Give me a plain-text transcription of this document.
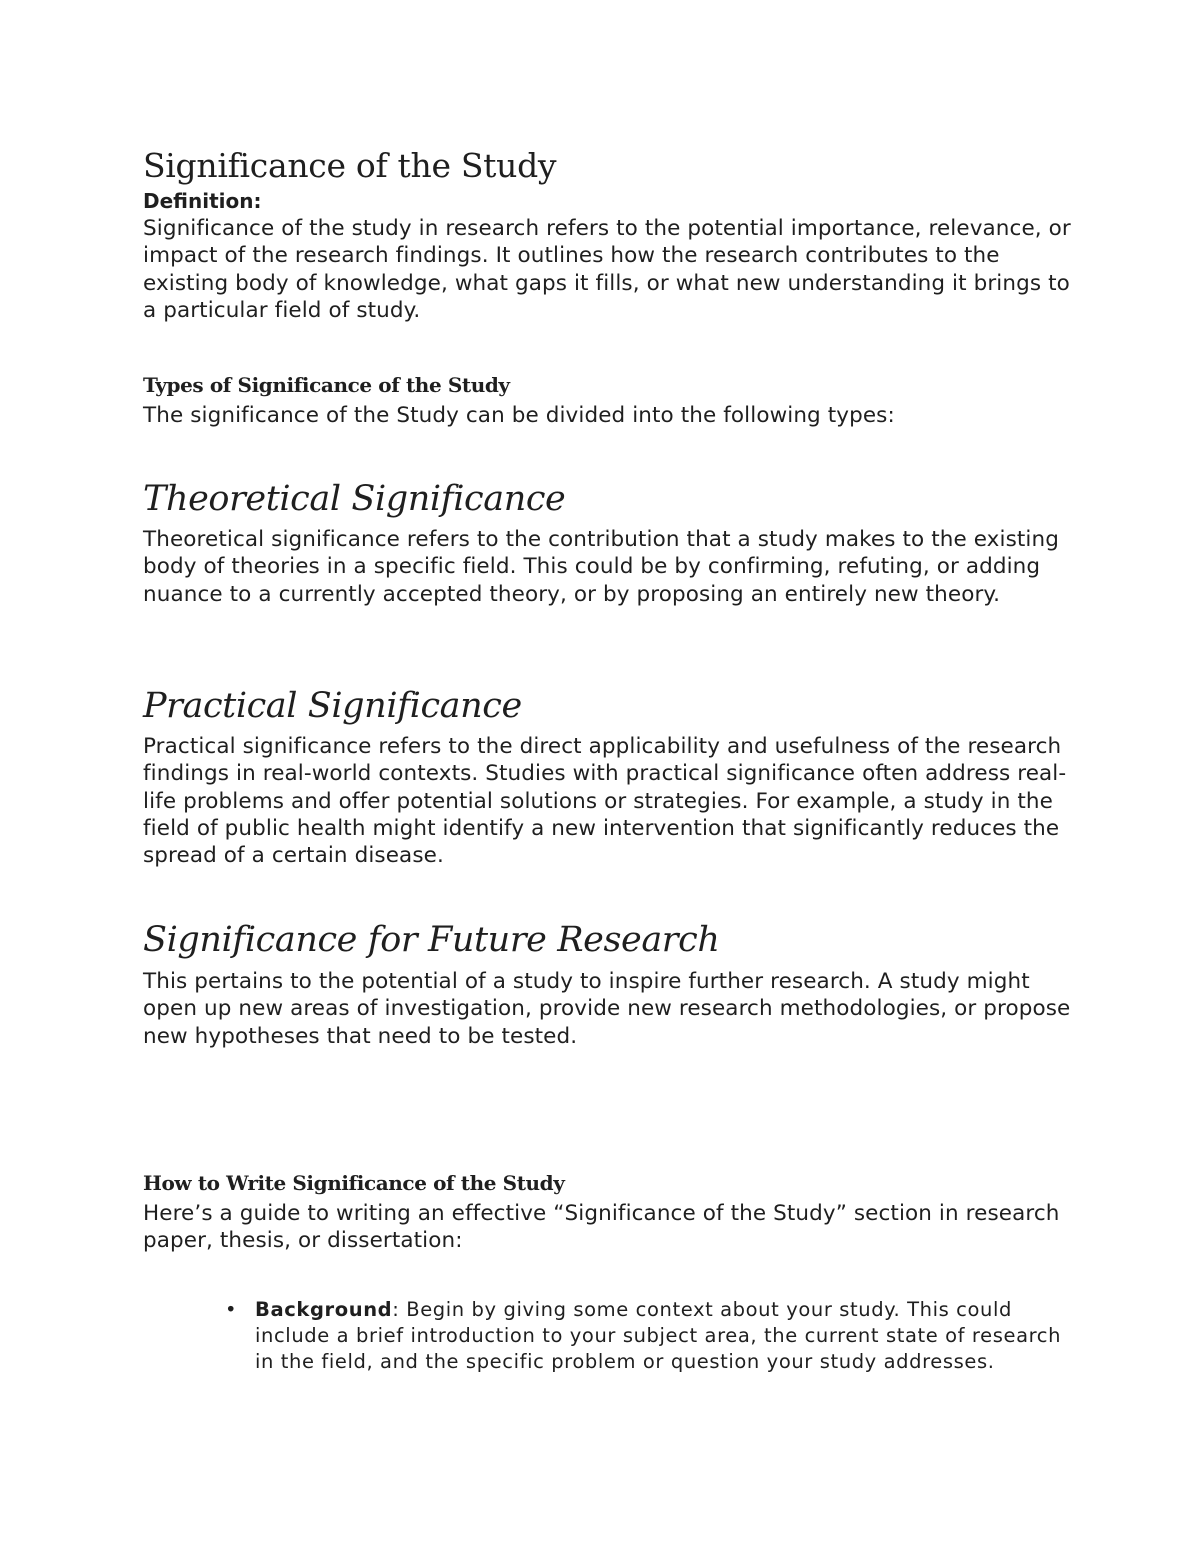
Significance of the Study
Definition:

Significance of the study in research refers to the potential importance, relevance, or impact of the research findings. It outlines how the research contributes to the existing body of knowledge, what gaps it fills, or what new understanding it brings to a particular field of study.

Types of Significance of the Study

The significance of the Study can be divided into the following types:

Theoretical Significance

Theoretical significance refers to the contribution that a study makes to the existing body of theories in a specific field. This could be by confirming, refuting, or adding nuance to a currently accepted theory, or by proposing an entirely new theory.

Practical Significance

Practical significance refers to the direct applicability and usefulness of the research findings in real-world contexts. Studies with practical significance often address real-life problems and offer potential solutions or strategies. For example, a study in the field of public health might identify a new intervention that significantly reduces the spread of a certain disease.

Significance for Future Research

This pertains to the potential of a study to inspire further research. A study might open up new areas of investigation, provide new research methodologies, or propose new hypotheses that need to be tested.

How to Write Significance of the Study

Here’s a guide to writing an effective “Significance of the Study” section in research paper, thesis, or dissertation:

• Background: Begin by giving some context about your study. This could include a brief introduction to your subject area, the current state of research in the field, and the specific problem or question your study addresses.
